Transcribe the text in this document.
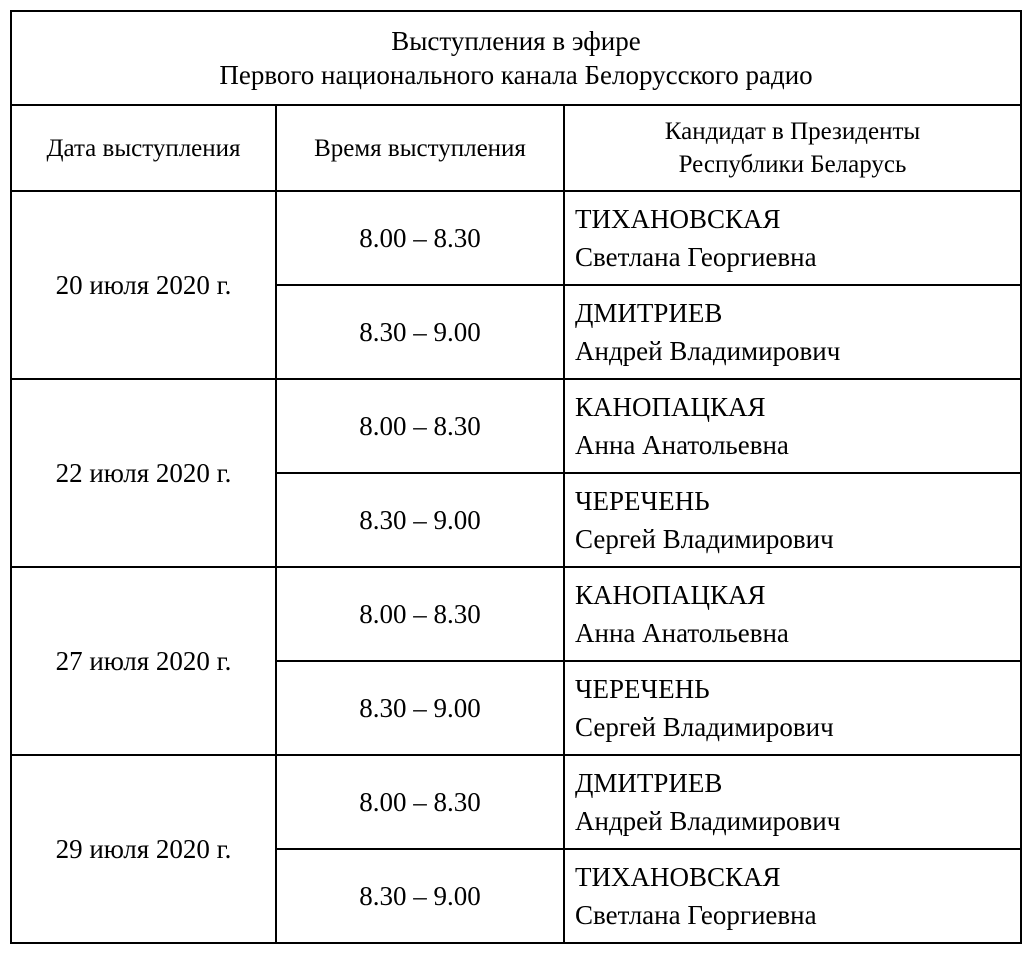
Выступления в эфире
Первого национального канала Белорусского радио		

Дата выступления	Время выступления	Кандидат в Президенты
Республики Беларусь

20 июля 2020 г.	8.00 – 8.30	ТИХАНОВСКАЯ
Светлана Георгиевна

	8.30 – 9.00	ДМИТРИЕВ
Андрей Владимирович

22 июля 2020 г.	8.00 – 8.30	КАНОПАЦКАЯ
Анна Анатольевна

	8.30 – 9.00	ЧЕРЕЧЕНЬ
Сергей Владимирович

27 июля 2020 г.	8.00 – 8.30	КАНОПАЦКАЯ
Анна Анатольевна

	8.30 – 9.00	ЧЕРЕЧЕНЬ
Сергей Владимирович

29 июля 2020 г.	8.00 – 8.30	ДМИТРИЕВ
Андрей Владимирович

	8.30 – 9.00	ТИХАНОВСКАЯ
Светлана Георгиевна
